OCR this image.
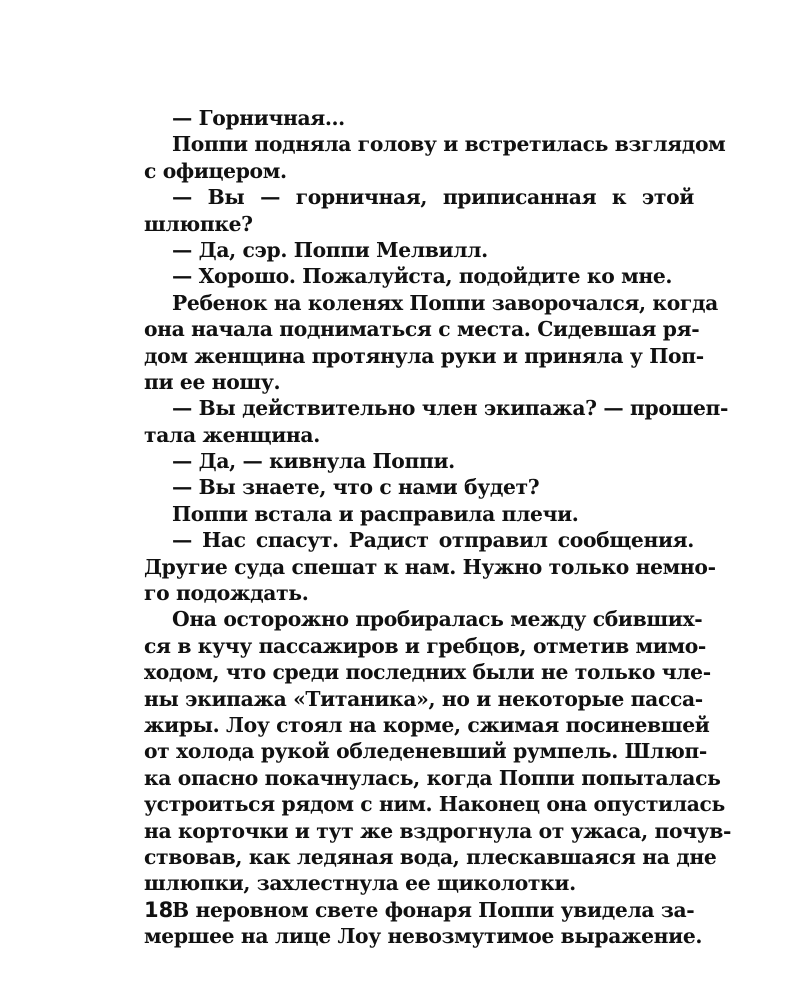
— Горничная…
Поппи подняла голову и встретилась взглядом
с офицером.
— Вы — горничная, приписанная к этой
шлюпке?
— Да, сэр. Поппи Мелвилл.
— Хорошо. Пожалуйста, подойдите ко мне.
Ребенок на коленях Поппи заворочался, когда
она начала подниматься с места. Сидевшая ря-
дом женщина протянула руки и приняла у Поп-
пи ее ношу.
— Вы действительно член экипажа? — прошеп-
тала женщина.
— Да, — кивнула Поппи.
— Вы знаете, что с нами будет?
Поппи встала и расправила плечи.
— Нас спасут. Радист отправил сообщения.
Другие суда спешат к нам. Нужно только немно-
го подождать.
Она осторожно пробиралась между сбивших-
ся в кучу пассажиров и гребцов, отметив мимо-
ходом, что среди последних были не только чле-
ны экипажа «Титаника», но и некоторые пасса-
жиры. Лоу стоял на корме, сжимая посиневшей
от холода рукой обледеневший румпель. Шлюп-
ка опасно покачнулась, когда Поппи попыталась
устроиться рядом с ним. Наконец она опустилась
на корточки и тут же вздрогнула от ужаса, почув-
ствовав, как ледяная вода, плескавшаяся на дне
шлюпки, захлестнула ее щиколотки.
В неровном свете фонаря Поппи увидела за-
мершее на лице Лоу невозмутимое выражение.
18
